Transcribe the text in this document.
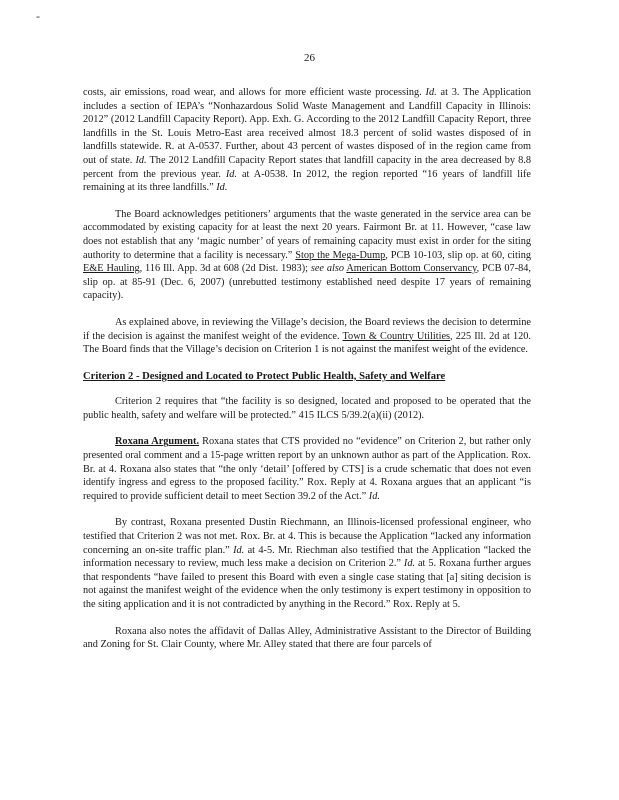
-
26

costs, air emissions, road wear, and allows for more efficient waste processing. Id. at 3. The Application includes a section of IEPA’s “Nonhazardous Solid Waste Management and Landfill Capacity in Illinois: 2012” (2012 Landfill Capacity Report). App. Exh. G. According to the 2012 Landfill Capacity Report, three landfills in the St. Louis Metro-East area received almost 18.3 percent of solid wastes disposed of in landfills statewide. R. at A-0537. Further, about 43 percent of wastes disposed of in the region came from out of state. Id. The 2012 Landfill Capacity Report states that landfill capacity in the area decreased by 8.8 percent from the previous year. Id. at A-0538. In 2012, the region reported “16 years of landfill life remaining at its three landfills.” Id.

The Board acknowledges petitioners’ arguments that the waste generated in the service area can be accommodated by existing capacity for at least the next 20 years. Fairmont Br. at 11. However, “case law does not establish that any ‘magic number’ of years of remaining capacity must exist in order for the siting authority to determine that a facility is necessary.” Stop the Mega-Dump, PCB 10-103, slip op. at 60, citing E&E Hauling, 116 Ill. App. 3d at 608 (2d Dist. 1983); see also American Bottom Conservancy, PCB 07-84, slip op. at 85-91 (Dec. 6, 2007) (unrebutted testimony established need despite 17 years of remaining capacity).

As explained above, in reviewing the Village’s decision, the Board reviews the decision to determine if the decision is against the manifest weight of the evidence. Town & Country Utilities, 225 Ill. 2d at 120. The Board finds that the Village’s decision on Criterion 1 is not against the manifest weight of the evidence.

Criterion 2 - Designed and Located to Protect Public Health, Safety and Welfare

Criterion 2 requires that “the facility is so designed, located and proposed to be operated that the public health, safety and welfare will be protected.” 415 ILCS 5/39.2(a)(ii) (2012).

Roxana Argument. Roxana states that CTS provided no “evidence” on Criterion 2, but rather only presented oral comment and a 15-page written report by an unknown author as part of the Application. Rox. Br. at 4. Roxana also states that “the only ‘detail’ [offered by CTS] is a crude schematic that does not even identify ingress and egress to the proposed facility.” Rox. Reply at 4. Roxana argues that an applicant “is required to provide sufficient detail to meet Section 39.2 of the Act.” Id.

By contrast, Roxana presented Dustin Riechmann, an Illinois-licensed professional engineer, who testified that Criterion 2 was not met. Rox. Br. at 4. This is because the Application “lacked any information concerning an on-site traffic plan.” Id. at 4-5. Mr. Riechman also testified that the Application “lacked the information necessary to review, much less make a decision on Criterion 2.” Id. at 5. Roxana further argues that respondents “have failed to present this Board with even a single case stating that [a] siting decision is not against the manifest weight of the evidence when the only testimony is expert testimony in opposition to the siting application and it is not contradicted by anything in the Record.” Rox. Reply at 5.

Roxana also notes the affidavit of Dallas Alley, Administrative Assistant to the Director of Building and Zoning for St. Clair County, where Mr. Alley stated that there are four parcels of
